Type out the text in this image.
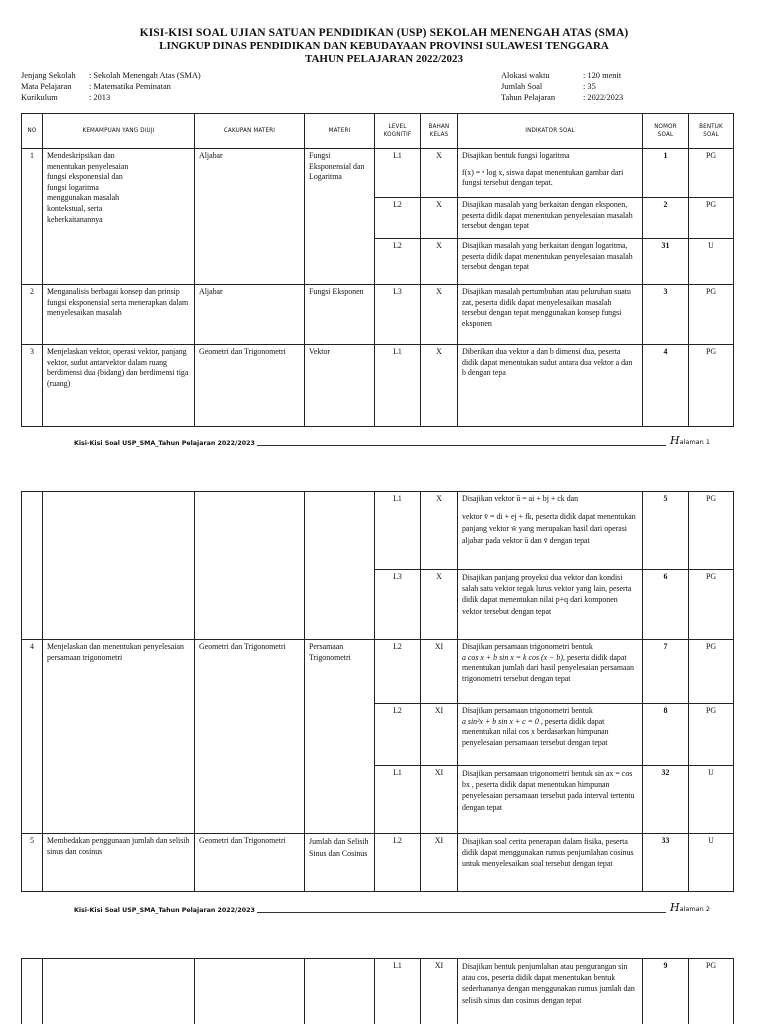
KISI-KISI SOAL UJIAN SATUAN PENDIDIKAN (USP) SEKOLAH MENENGAH ATAS (SMA)
LINGKUP DINAS PENDIDIKAN DAN KEBUDAYAAN PROVINSI SULAWESI TENGGARA
TAHUN PELAJARAN 2022/2023
Jenjang Sekolah	: Sekolah Menengah Atas (SMA)
Mata Pelajaran	: Matematika Peminatan
Kurikulum	: 2013
Alokasi waktu	: 120 menit
Jumlah Soal	: 35
Tahun Pelajaran	: 2022/2023
NO	KEMAMPUAN YANG DIUJI	CAKUPAN MATERI	MATERI	LEVEL KOGNITIF	BAHAN KELAS	INDIKATOR SOAL	NOMOR SOAL	BENTUK SOAL
1	Mendeskripsikan dan menentukan penyelesaian fungsi eksponensial dan fungsi logaritma menggunakan masalah kontekstual, serta keberkaitanannya	Aljabar	Fungsi Eksponensial dan Logaritma	L1	X	Disajikan bentuk fungsi logaritma
f(x) = ᵃ log x, siswa dapat menentukan gambar dari fungsi tersebut dengan tepat.	1	PG
				L2	X	Disajikan masalah yang berkaitan dengan eksponen, peserta didik dapat menentukan penyelesaian masalah tersebut dengan tepat	2	PG
				L2	X	Disajikan masalah yang berkaitan dengan logaritma, peserta didik dapat menentukan penyelesaian masalah tersebut dengan tepat	31	U
2	Menganalisis berbagai konsep dan prinsip fungsi eksponensial serta menerapkan dalam menyelesaikan masalah	Aljabar	Fungsi Eksponen	L3	X	Disajikan masalah pertumbuhan atau peluruhan suatu zat, peserta didik dapat menyelesaikan masalah tersebut dengan tepat menggunakan konsep fungsi eksponen	3	PG
3	Menjelaskan vektor, operasi vektor, panjang vektor, sudut antarvektor dalam ruang berdimensi dua (bidang) dan berdimensi tiga (ruang)	Geometri dan Trigonometri	Vektor	L1	X	Diberikan dua vektor a dan b dimensi dua, peserta didik dapat menentukan sudut antara dua vektor a dan b dengan tepa	4	PG
Kisi-Kisi Soal USP_SMA_Tahun Pelajaran 2022/2023	Halaman 1
				L1	X	Disajikan vektor ū = ai + bj + ck dan
vektor v̄ = di + ej + fk, peserta didik dapat menentukan panjang vektor w̄ yang merupakan hasil dari operasi aljabar pada vektor ū dan v̄ dengan tepat	5	PG
				L3	X	Disajikan panjang proyeksi dua vektor dan kondisi salah satu vektor tegak lurus vektor yang lain, peserta didik dapat menentukan nilai p+q dari komponen vektor tersebut dengan tepat	6	PG
4	Menjelaskan dan menentukan penyelesaian persamaan trigonometri	Geometri dan Trigonometri	Persamaan Trigonometri	L2	XI	Disajikan persamaan trigonometri bentuk
a cos x + b sin x = k cos (x − b), peserta didik dapat menentukan jumlah dari hasil penyelesaian persamaan trigonometri tersebut dengan tepat	7	PG
				L2	XI	Disajikan persamaan trigonometri bentuk
a sin²x + b sin x + c = 0 , peserta didik dapat menentukan nilai cos x berdasarkan himpunan penyelesaian persamaan tersebut dengan tepat	8	PG
				L1	XI	Disajikan persamaan trigonometri bentuk sin ax = cos bx , peserta didik dapat menentukan himpunan penyelesaian persamaan tersebut pada interval tertentu dengan tepat	32	U
5	Membedakan penggunaan jumlah dan selisih sinus dan cosinus	Geometri dan Trigonometri	Jumlah dan Selisih Sinus dan Cosinus	L2	XI	Disajikan soal cerita penerapan dalam fisika, peserta didik dapat menggunakan rumus penjumlahan cosinus untuk menyelesaikan soal tersebut dengan tepat	33	U
Kisi-Kisi Soal USP_SMA_Tahun Pelajaran 2022/2023	Halaman 2
				L1	XI	Disajikan bentuk penjumlahan atau pengurangan sin atau cos, peserta didik dapat menentukan bentuk sederhananya dengan menggunakan rumus jumlah dan selisih sinus dan cosinus dengan tepat	9	PG
